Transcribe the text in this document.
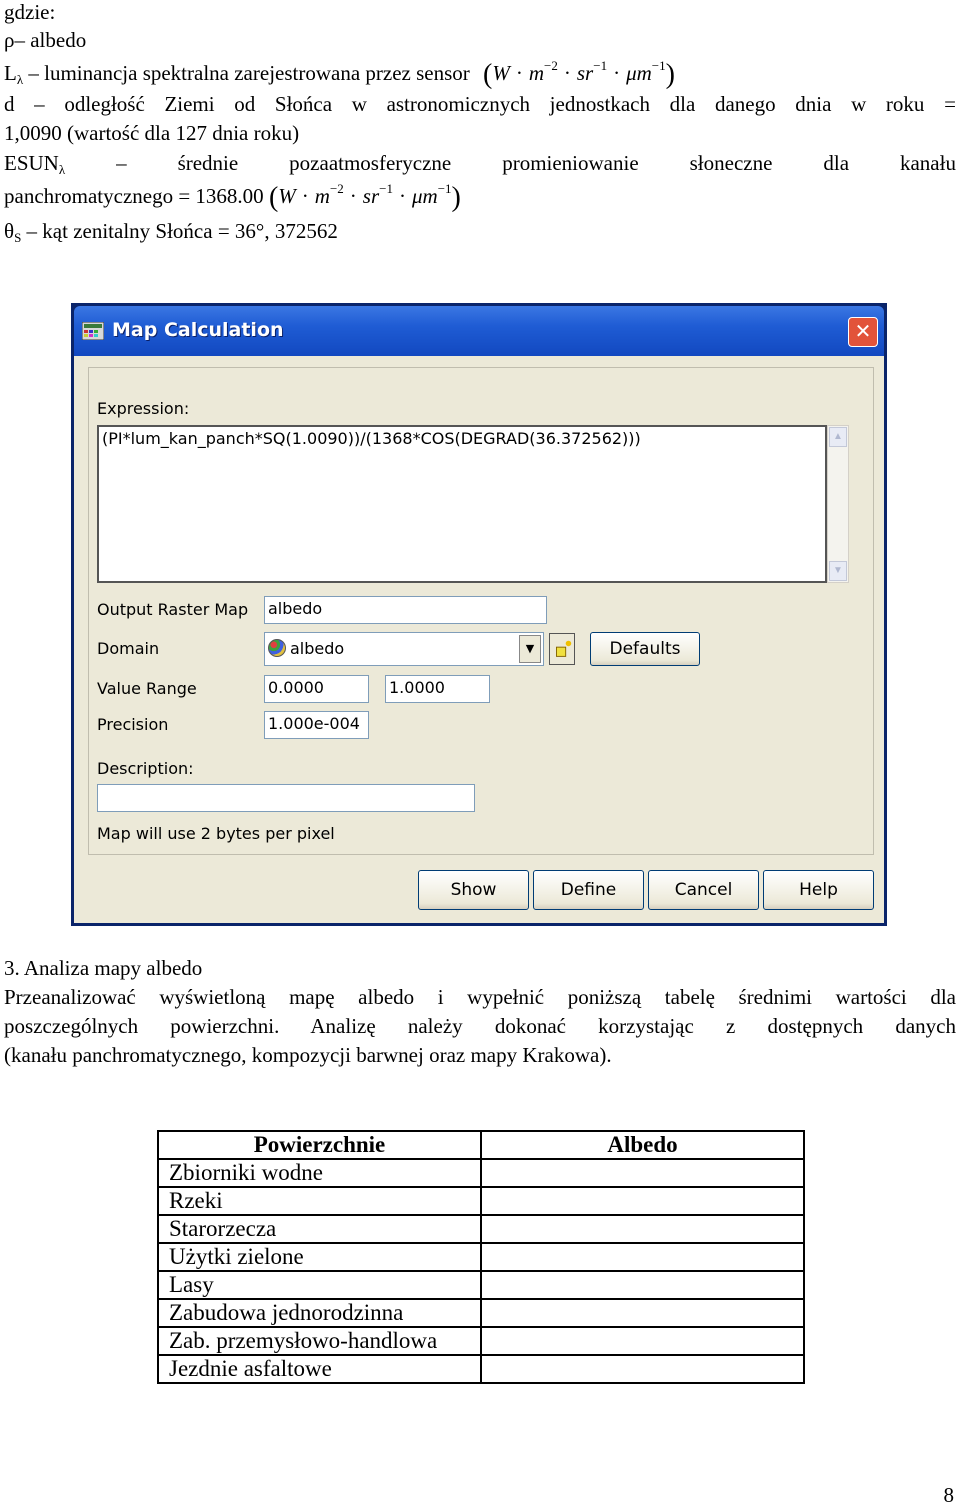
gdzie:
ρ– albedo
$L_\lambda$ – luminancja spektralna zarejestrowana przez sensor $(W \cdot m^{-2} \cdot sr^{-1} \cdot \mu m^{-1})$
d – odległość Ziemi od Słońca w astronomicznych jednostkach dla danego dnia w roku =
1,0090 (wartość dla 127 dnia roku)
$ESUN_\lambda$ – średnie pozaatmosferyczne promieniowanie słoneczne dla kanału
panchromatycznego = 1368.00 $(W \cdot m^{-2} \cdot sr^{-1} \cdot \mu m^{-1})$
$\theta_S$ – kąt zenitalny Słońca = 36°, 372562
Map Calculation	✕
Expression:
(PI*lum_kan_panch*SQ(1.0090))/(1368*COS(DEGRAD(36.372562)))	▲
▼
Output Raster Map albedo
Domain	albedo	▼	Defaults
Value Range	0.0000	1.0000
Precision	1.000e-004
Description:
Map will use 2 bytes per pixel
Show	Define	Cancel	Help
3. Analiza mapy albedo
Przeanalizować wyświetloną mapę albedo i wypełnić poniższą tabelę średnimi wartości dla
poszczególnych powierzchni. Analizę należy dokonać korzystając z dostępnych danych
(kanału panchromatycznego, kompozycji barwnej oraz mapy Krakowa).
Powierzchnie	Albedo
Zbiorniki wodne	
Rzeki	
Starorzecza	
Użytki zielone	
Lasy	
Zabudowa jednorodzinna	
Zab. przemysłowo-handlowa	
Jezdnie asfaltowe	
8
